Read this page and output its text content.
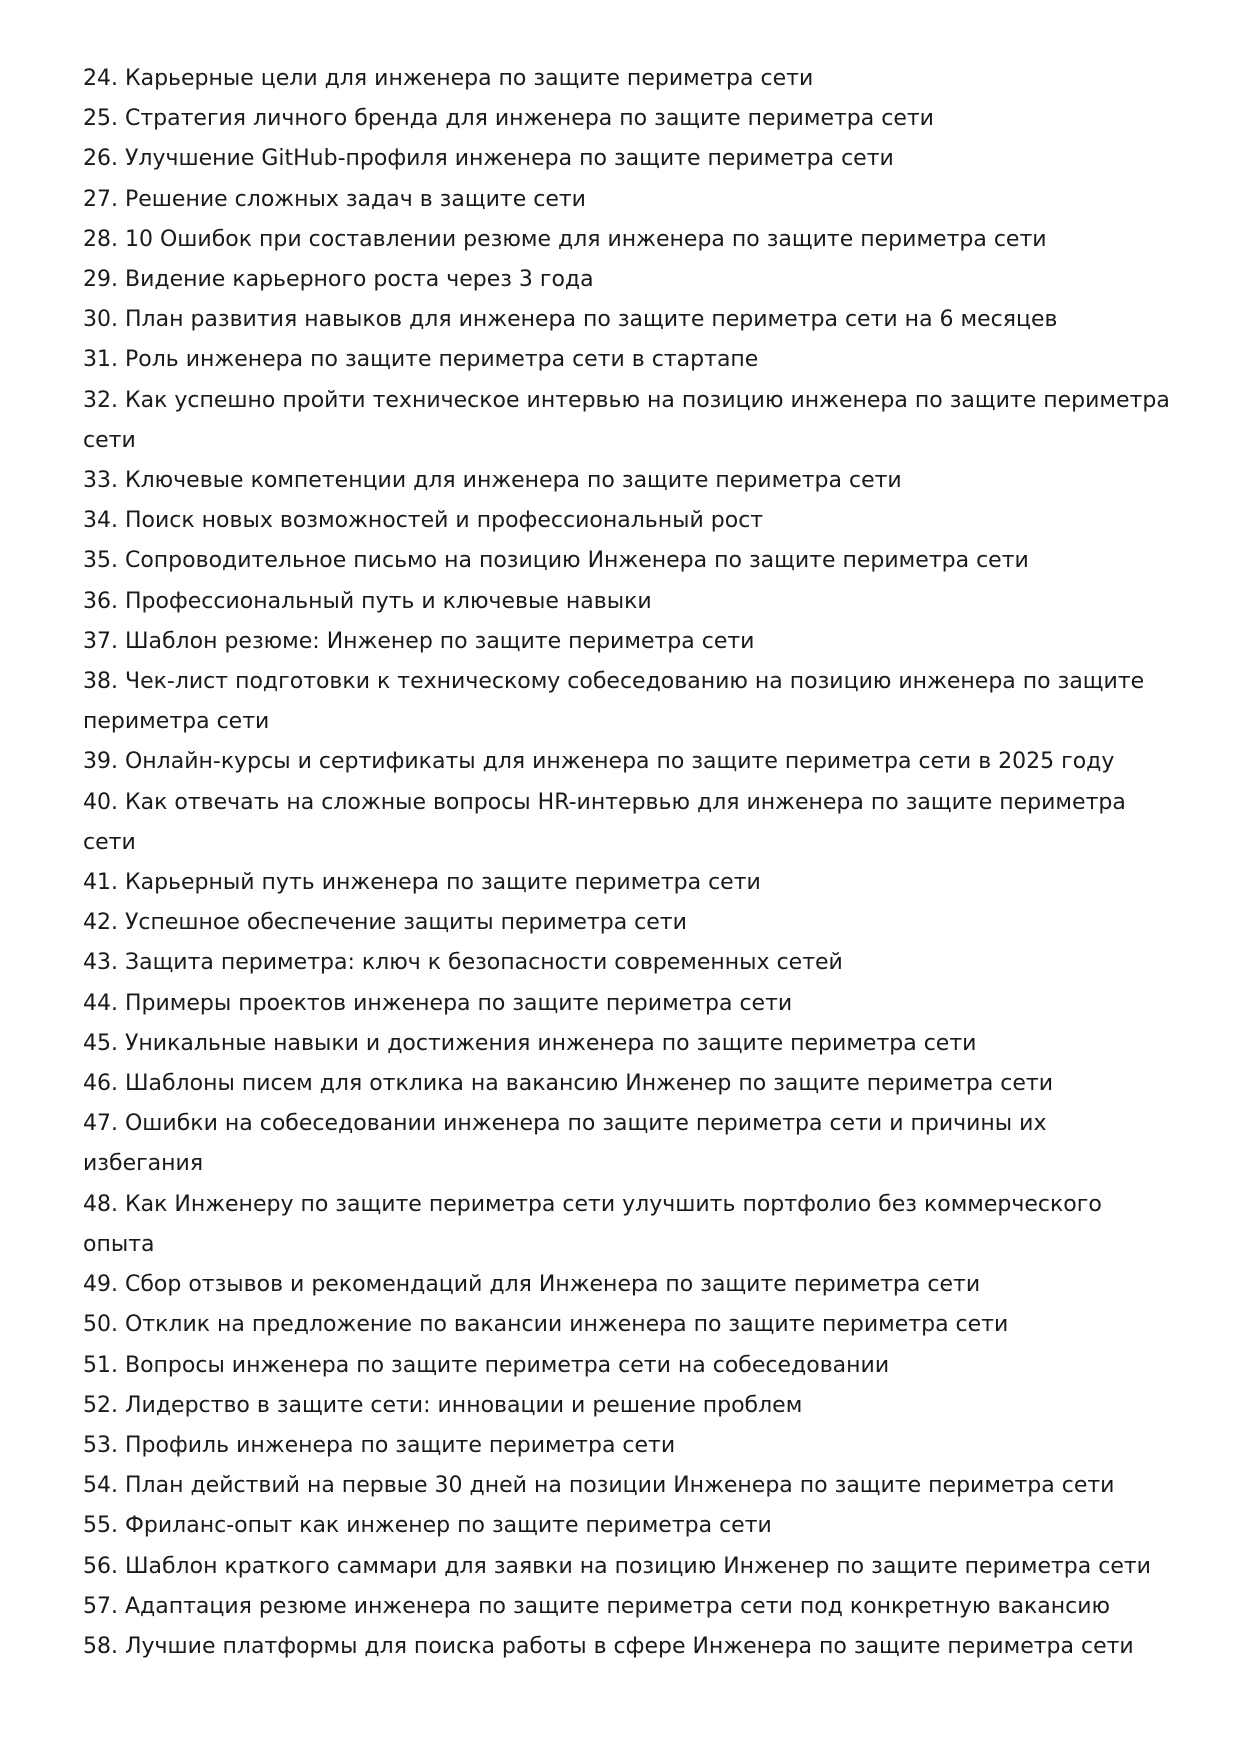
24. Карьерные цели для инженера по защите периметра сети
25. Стратегия личного бренда для инженера по защите периметра сети
26. Улучшение GitHub-профиля инженера по защите периметра сети
27. Решение сложных задач в защите сети
28. 10 Ошибок при составлении резюме для инженера по защите периметра сети
29. Видение карьерного роста через 3 года
30. План развития навыков для инженера по защите периметра сети на 6 месяцев
31. Роль инженера по защите периметра сети в стартапе
32. Как успешно пройти техническое интервью на позицию инженера по защите периметра сети
33. Ключевые компетенции для инженера по защите периметра сети
34. Поиск новых возможностей и профессиональный рост
35. Сопроводительное письмо на позицию Инженера по защите периметра сети
36. Профессиональный путь и ключевые навыки
37. Шаблон резюме: Инженер по защите периметра сети
38. Чек-лист подготовки к техническому собеседованию на позицию инженера по защите периметра сети
39. Онлайн-курсы и сертификаты для инженера по защите периметра сети в 2025 году
40. Как отвечать на сложные вопросы HR-интервью для инженера по защите периметра сети
41. Карьерный путь инженера по защите периметра сети
42. Успешное обеспечение защиты периметра сети
43. Защита периметра: ключ к безопасности современных сетей
44. Примеры проектов инженера по защите периметра сети
45. Уникальные навыки и достижения инженера по защите периметра сети
46. Шаблоны писем для отклика на вакансию Инженер по защите периметра сети
47. Ошибки на собеседовании инженера по защите периметра сети и причины их избегания
48. Как Инженеру по защите периметра сети улучшить портфолио без коммерческого опыта
49. Сбор отзывов и рекомендаций для Инженера по защите периметра сети
50. Отклик на предложение по вакансии инженера по защите периметра сети
51. Вопросы инженера по защите периметра сети на собеседовании
52. Лидерство в защите сети: инновации и решение проблем
53. Профиль инженера по защите периметра сети
54. План действий на первые 30 дней на позиции Инженера по защите периметра сети
55. Фриланс-опыт как инженер по защите периметра сети
56. Шаблон краткого саммари для заявки на позицию Инженер по защите периметра сети
57. Адаптация резюме инженера по защите периметра сети под конкретную вакансию
58. Лучшие платформы для поиска работы в сфере Инженера по защите периметра сети
